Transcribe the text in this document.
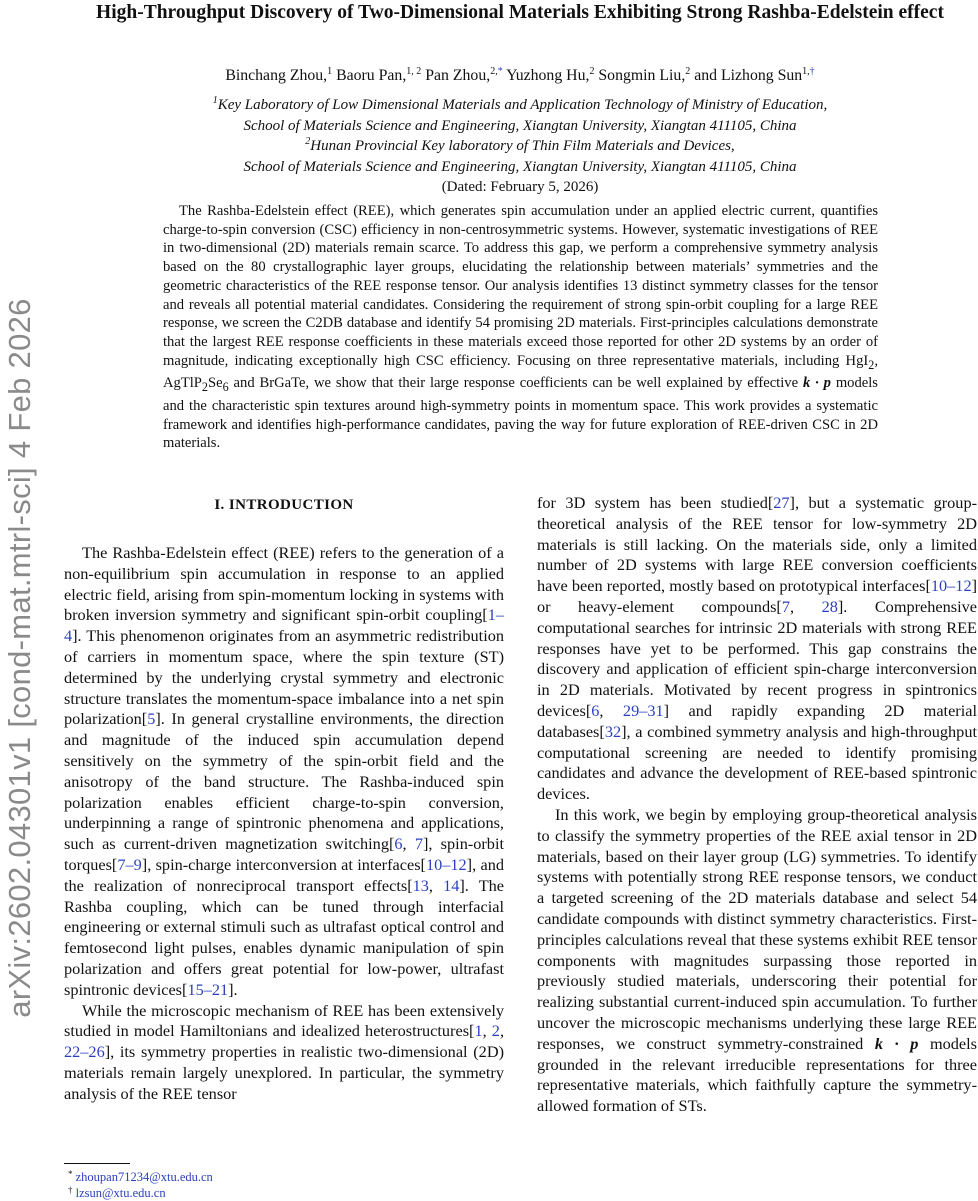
arXiv:2602.04301v1 [cond-mat.mtrl-sci] 4 Feb 2026
High-Throughput Discovery of Two-Dimensional Materials Exhibiting Strong Rashba-Edelstein effect
Binchang Zhou,$^1$ Baoru Pan,$^{1, 2}$ Pan Zhou,$^{2,*}$ Yuzhong Hu,$^2$ Songmin Liu,$^2$ and Lizhong Sun$^{1,\dagger}$
$^1$Key Laboratory of Low Dimensional Materials and Application Technology of Ministry of Education,
School of Materials Science and Engineering, Xiangtan University, Xiangtan 411105, China
$^2$Hunan Provincial Key laboratory of Thin Film Materials and Devices,
School of Materials Science and Engineering, Xiangtan University, Xiangtan 411105, China
(Dated: February 5, 2026)

The Rashba-Edelstein effect (REE), which generates spin accumulation under an applied electric current, quantifies charge-to-spin conversion (CSC) efficiency in non-centrosymmetric systems. However, systematic investigations of REE in two-dimensional (2D) materials remain scarce. To address this gap, we perform a comprehensive symmetry analysis based on the 80 crystallographic layer groups, elucidating the relationship between materials’ symmetries and the geometric characteristics of the REE response tensor. Our analysis identifies 13 distinct symmetry classes for the tensor and reveals all potential material candidates. Considering the requirement of strong spin-orbit coupling for a large REE response, we screen the C2DB database and identify 54 promising 2D materials. First-principles calculations demonstrate that the largest REE response coefficients in these materials exceed those reported for other 2D systems by an order of magnitude, indicating exceptionally high CSC efficiency. Focusing on three representative materials, including HgI$_2$, $AgTlP_2Se_6$ and BrGaTe, we show that their large response coefficients can be well explained by effective k · p models and the characteristic spin textures around high-symmetry points in momentum space. This work provides a systematic framework and identifies high-performance candidates, paving the way for future exploration of REE-driven CSC in 2D materials.

I. INTRODUCTION

The Rashba-Edelstein effect (REE) refers to the generation of a non-equilibrium spin accumulation in response to an applied electric field, arising from spin-momentum locking in systems with broken inversion symmetry and significant spin-orbit coupling[1–4]. This phenomenon originates from an asymmetric redistribution of carriers in momentum space, where the spin texture (ST) determined by the underlying crystal symmetry and electronic structure translates the momentum-space imbalance into a net spin polarization[5]. In general crystalline environments, the direction and magnitude of the induced spin accumulation depend sensitively on the symmetry of the spin-orbit field and the anisotropy of the band structure. The Rashba-induced spin polarization enables efficient charge-to-spin conversion, underpinning a range of spintronic phenomena and applications, such as current-driven magnetization switching[6, 7], spin-orbit torques[7–9], spin-charge interconversion at interfaces[10–12], and the realization of nonreciprocal transport effects[13, 14]. The Rashba coupling, which can be tuned through interfacial engineering or external stimuli such as ultrafast optical control and femtosecond light pulses, enables dynamic manipulation of spin polarization and offers great potential for low-power, ultrafast spintronic devices[15–21].

While the microscopic mechanism of REE has been extensively studied in model Hamiltonians and idealized heterostructures[1, 2, 22–26], its symmetry properties in realistic two-dimensional (2D) materials remain largely unexplored. In particular, the symmetry analysis of the REE tensor

for 3D system has been studied[27], but a systematic group-theoretical analysis of the REE tensor for low-symmetry 2D materials is still lacking. On the materials side, only a limited number of 2D systems with large REE conversion coefficients have been reported, mostly based on prototypical interfaces[10–12] or heavy-element compounds[7, 28]. Comprehensive computational searches for intrinsic 2D materials with strong REE responses have yet to be performed. This gap constrains the discovery and application of efficient spin-charge interconversion in 2D materials. Motivated by recent progress in spintronics devices[6, 29–31] and rapidly expanding 2D material databases[32], a combined symmetry analysis and high-throughput computational screening are needed to identify promising candidates and advance the development of REE-based spintronic devices.

In this work, we begin by employing group-theoretical analysis to classify the symmetry properties of the REE axial tensor in 2D materials, based on their layer group (LG) symmetries. To identify systems with potentially strong REE response tensors, we conduct a targeted screening of the 2D materials database and select 54 candidate compounds with distinct symmetry characteristics. First-principles calculations reveal that these systems exhibit REE tensor components with magnitudes surpassing those reported in previously studied materials, underscoring their potential for realizing substantial current-induced spin accumulation. To further uncover the microscopic mechanisms underlying these large REE responses, we construct symmetry-constrained k · p models grounded in the relevant irreducible representations for three representative materials, which faithfully capture the symmetry-allowed formation of STs.

* zhoupan71234@xtu.edu.cn
† lzsun@xtu.edu.cn
